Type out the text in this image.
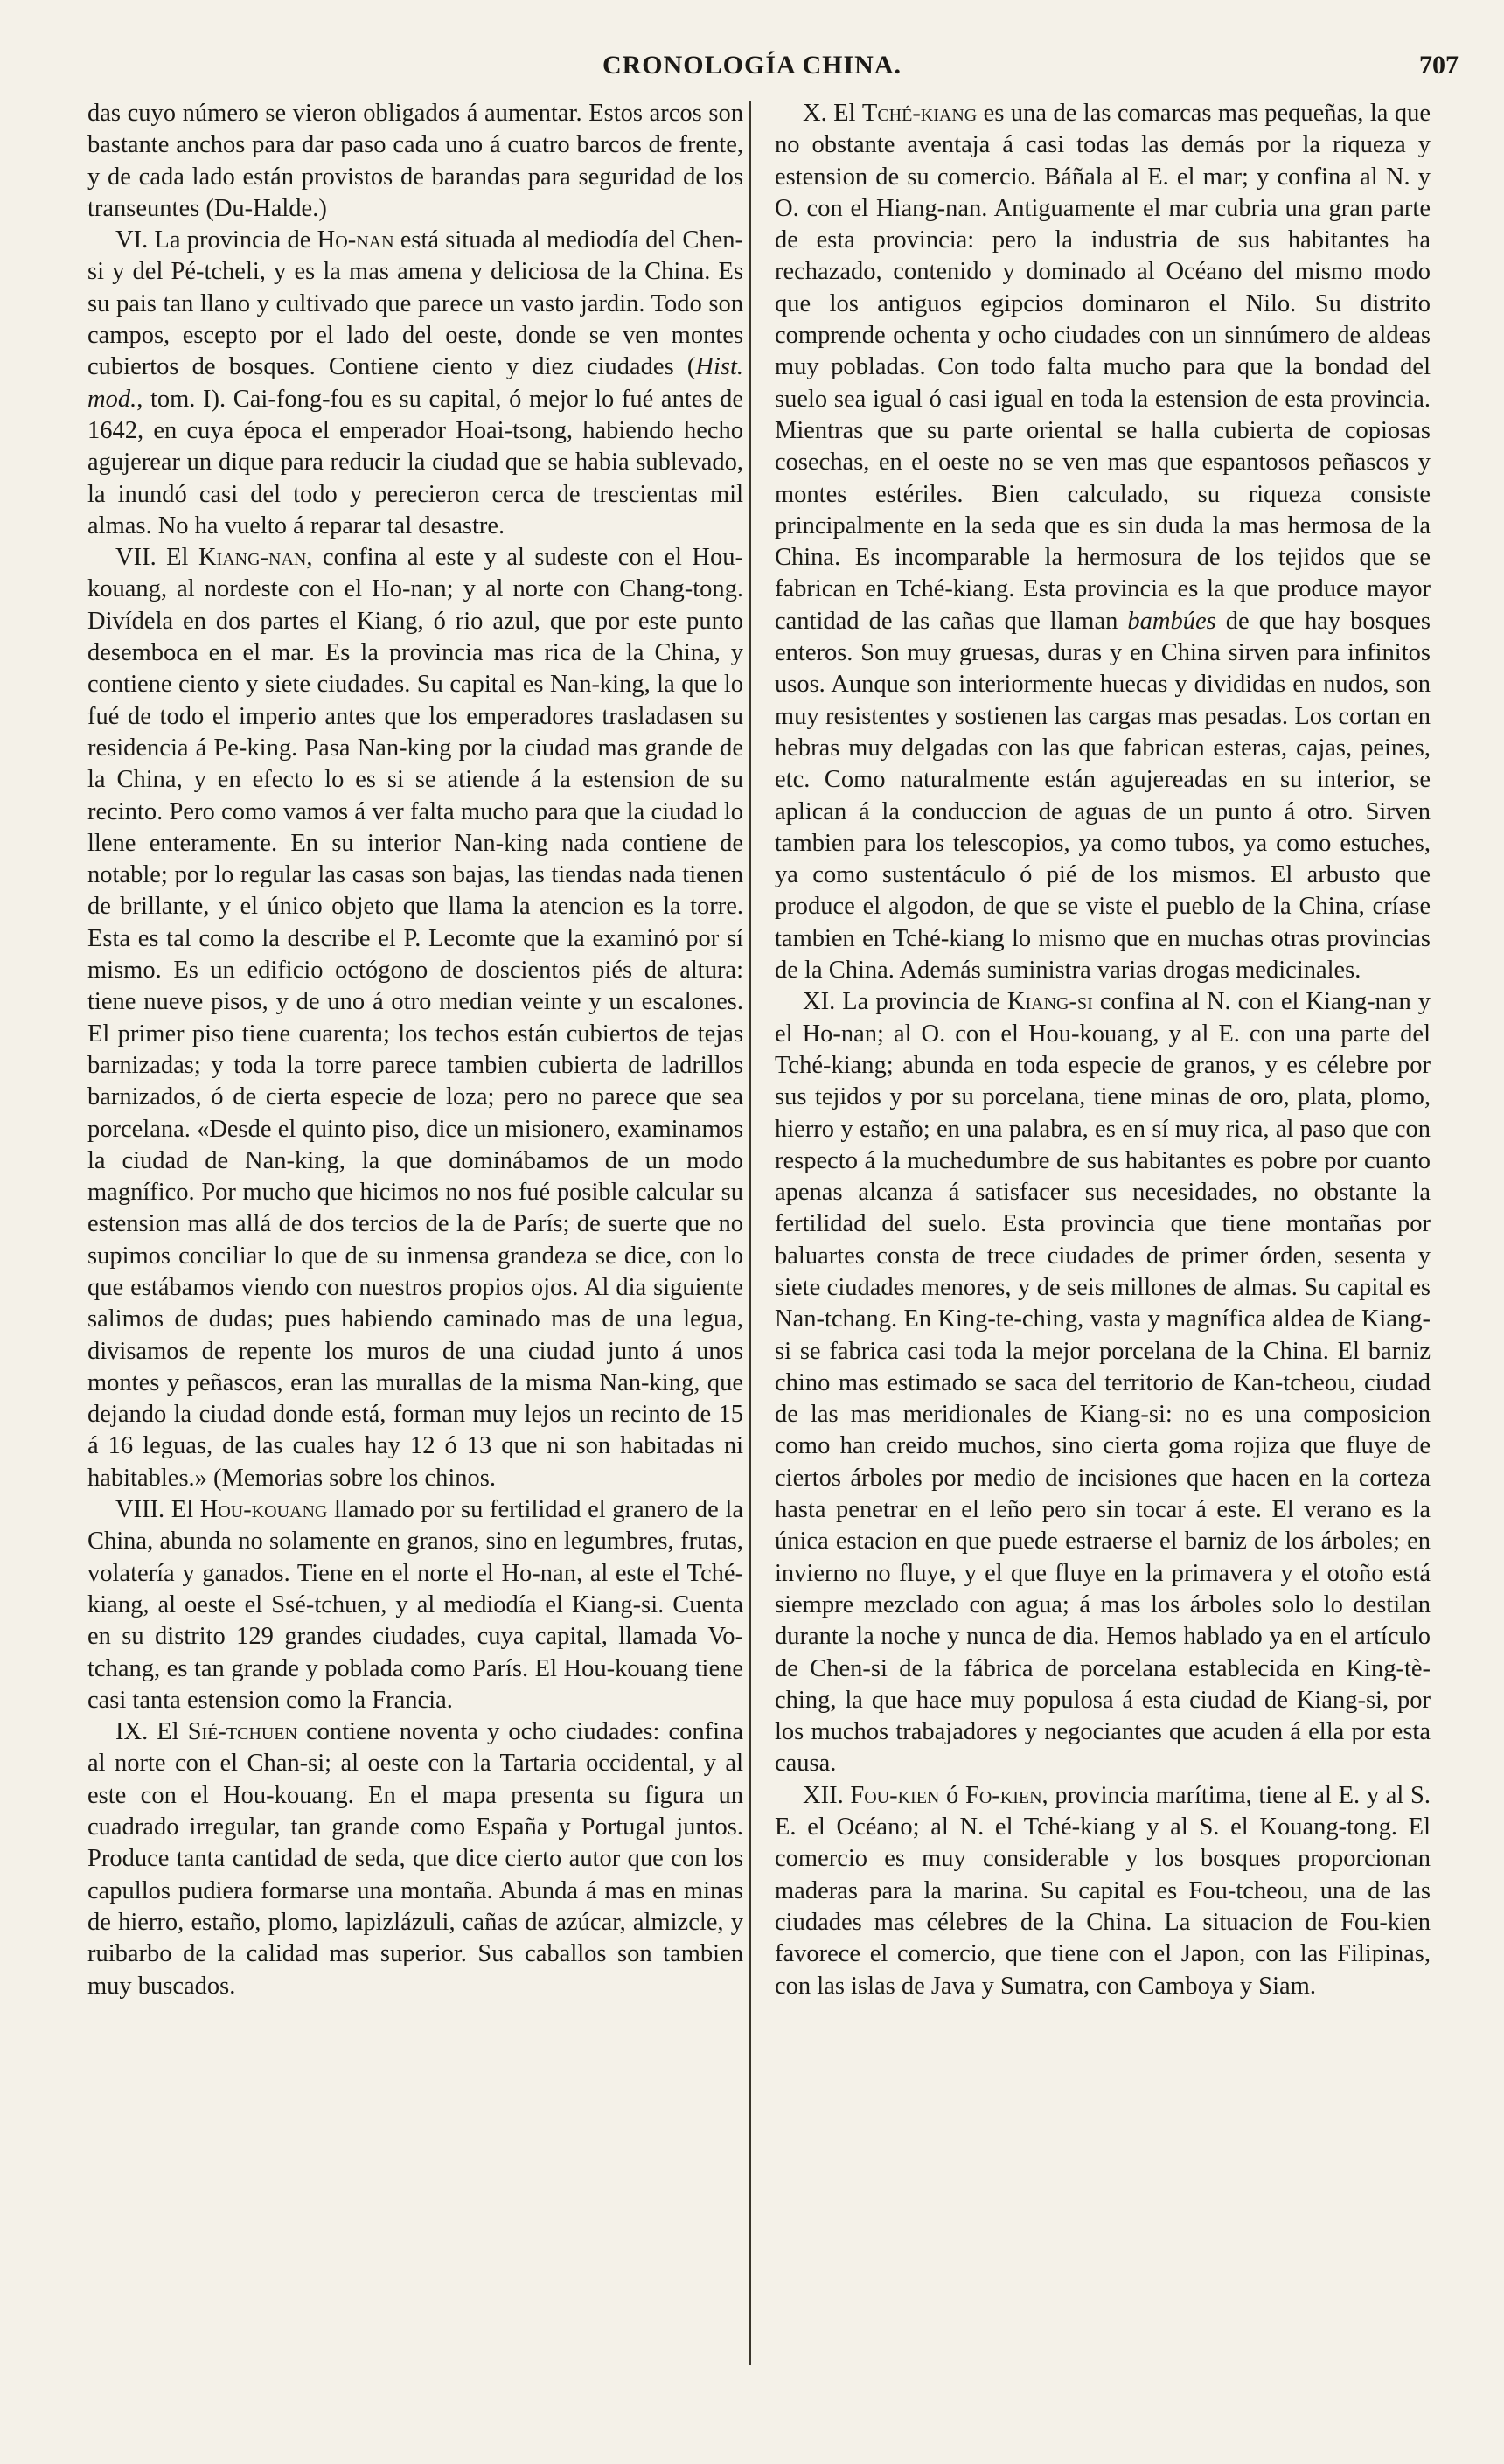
CRONOLOGÍA CHINA.	707

das cuyo número se vieron obligados á aumentar. Estos arcos son bastante anchos para dar paso cada uno á cuatro barcos de frente, y de cada lado están provistos de barandas para seguridad de los transeuntes (Du-Halde.)

VI. La provincia de Ho-nan está situada al mediodía del Chen-si y del Pé-tcheli, y es la mas amena y deliciosa de la China. Es su pais tan llano y cultivado que parece un vasto jardin. Todo son campos, escepto por el lado del oeste, donde se ven montes cubiertos de bosques. Contiene ciento y diez ciudades (Hist. mod., tom. I). Cai-fong-fou es su capital, ó mejor lo fué antes de 1642, en cuya época el emperador Hoai-tsong, habiendo hecho agujerear un dique para reducir la ciudad que se habia sublevado, la inundó casi del todo y perecieron cerca de trescientas mil almas. No ha vuelto á reparar tal desastre.

VII. El Kiang-nan, confina al este y al sudeste con el Hou-kouang, al nordeste con el Ho-nan; y al norte con Chang-tong. Divídela en dos partes el Kiang, ó rio azul, que por este punto desemboca en el mar. Es la provincia mas rica de la China, y contiene ciento y siete ciudades. Su capital es Nan-king, la que lo fué de todo el imperio antes que los emperadores trasladasen su residencia á Pe-king. Pasa Nan-king por la ciudad mas grande de la China, y en efecto lo es si se atiende á la estension de su recinto. Pero como vamos á ver falta mucho para que la ciudad lo llene enteramente. En su interior Nan-king nada contiene de notable; por lo regular las casas son bajas, las tiendas nada tienen de brillante, y el único objeto que llama la atencion es la torre. Esta es tal como la describe el P. Lecomte que la examinó por sí mismo. Es un edificio octógono de doscientos piés de altura: tiene nueve pisos, y de uno á otro median veinte y un escalones. El primer piso tiene cuarenta; los techos están cubiertos de tejas barnizadas; y toda la torre parece tambien cubierta de ladrillos barnizados, ó de cierta especie de loza; pero no parece que sea porcelana. «Desde el quinto piso, dice un misionero, examinamos la ciudad de Nan-king, la que dominábamos de un modo magnífico. Por mucho que hicimos no nos fué posible calcular su estension mas allá de dos tercios de la de París; de suerte que no supimos conciliar lo que de su inmensa grandeza se dice, con lo que estábamos viendo con nuestros propios ojos. Al dia siguiente salimos de dudas; pues habiendo caminado mas de una legua, divisamos de repente los muros de una ciudad junto á unos montes y peñascos, eran las murallas de la misma Nan-king, que dejando la ciudad donde está, forman muy lejos un recinto de 15 á 16 leguas, de las cuales hay 12 ó 13 que ni son habitadas ni habitables.» (Memorias sobre los chinos.

VIII. El Hou-kouang llamado por su fertilidad el granero de la China, abunda no solamente en granos, sino en legumbres, frutas, volatería y ganados. Tiene en el norte el Ho-nan, al este el Tché-kiang, al oeste el Ssé-tchuen, y al mediodía el Kiang-si. Cuenta en su distrito 129 grandes ciudades, cuya capital, llamada Vo-tchang, es tan grande y poblada como París. El Hou-kouang tiene casi tanta estension como la Francia.

IX. El Sié-tchuen contiene noventa y ocho ciudades: confina al norte con el Chan-si; al oeste con la Tartaria occidental, y al este con el Hou-kouang. En el mapa presenta su figura un cuadrado irregular, tan grande como España y Portugal juntos. Produce tanta cantidad de seda, que dice cierto autor que con los capullos pudiera formarse una montaña. Abunda á mas en minas de hierro, estaño, plomo, lapizlázuli, cañas de azúcar, almizcle, y ruibarbo de la calidad mas superior. Sus caballos son tambien muy buscados.

X. El Tché-kiang es una de las comarcas mas pequeñas, la que no obstante aventaja á casi todas las demás por la riqueza y estension de su comercio. Báñala al E. el mar; y confina al N. y O. con el Hiang-nan. Antiguamente el mar cubria una gran parte de esta provincia: pero la industria de sus habitantes ha rechazado, contenido y dominado al Océano del mismo modo que los antiguos egipcios dominaron el Nilo. Su distrito comprende ochenta y ocho ciudades con un sinnúmero de aldeas muy pobladas. Con todo falta mucho para que la bondad del suelo sea igual ó casi igual en toda la estension de esta provincia. Mientras que su parte oriental se halla cubierta de copiosas cosechas, en el oeste no se ven mas que espantosos peñascos y montes estériles. Bien calculado, su riqueza consiste principalmente en la seda que es sin duda la mas hermosa de la China. Es incomparable la hermosura de los tejidos que se fabrican en Tché-kiang. Esta provincia es la que produce mayor cantidad de las cañas que llaman bambúes de que hay bosques enteros. Son muy gruesas, duras y en China sirven para infinitos usos. Aunque son interiormente huecas y divididas en nudos, son muy resistentes y sostienen las cargas mas pesadas. Los cortan en hebras muy delgadas con las que fabrican esteras, cajas, peines, etc. Como naturalmente están agujereadas en su interior, se aplican á la conduccion de aguas de un punto á otro. Sirven tambien para los telescopios, ya como tubos, ya como estuches, ya como sustentáculo ó pié de los mismos. El arbusto que produce el algodon, de que se viste el pueblo de la China, críase tambien en Tché-kiang lo mismo que en muchas otras provincias de la China. Además suministra varias drogas medicinales.

XI. La provincia de Kiang-si confina al N. con el Kiang-nan y el Ho-nan; al O. con el Hou-kouang, y al E. con una parte del Tché-kiang; abunda en toda especie de granos, y es célebre por sus tejidos y por su porcelana, tiene minas de oro, plata, plomo, hierro y estaño; en una palabra, es en sí muy rica, al paso que con respecto á la muchedumbre de sus habitantes es pobre por cuanto apenas alcanza á satisfacer sus necesidades, no obstante la fertilidad del suelo. Esta provincia que tiene montañas por baluartes consta de trece ciudades de primer órden, sesenta y siete ciudades menores, y de seis millones de almas. Su capital es Nan-tchang. En King-te-ching, vasta y magnífica aldea de Kiang-si se fabrica casi toda la mejor porcelana de la China. El barniz chino mas estimado se saca del territorio de Kan-tcheou, ciudad de las mas meridionales de Kiang-si: no es una composicion como han creido muchos, sino cierta goma rojiza que fluye de ciertos árboles por medio de incisiones que hacen en la corteza hasta penetrar en el leño pero sin tocar á este. El verano es la única estacion en que puede estraerse el barniz de los árboles; en invierno no fluye, y el que fluye en la primavera y el otoño está siempre mezclado con agua; á mas los árboles solo lo destilan durante la noche y nunca de dia. Hemos hablado ya en el artículo de Chen-si de la fábrica de porcelana establecida en King-tè-ching, la que hace muy populosa á esta ciudad de Kiang-si, por los muchos trabajadores y negociantes que acuden á ella por esta causa.

XII. Fou-kien ó Fo-kien, provincia marítima, tiene al E. y al S. E. el Océano; al N. el Tché-kiang y al S. el Kouang-tong. El comercio es muy considerable y los bosques proporcionan maderas para la marina. Su capital es Fou-tcheou, una de las ciudades mas célebres de la China. La situacion de Fou-kien favorece el comercio, que tiene con el Japon, con las Filipinas, con las islas de Java y Sumatra, con Camboya y Siam.
